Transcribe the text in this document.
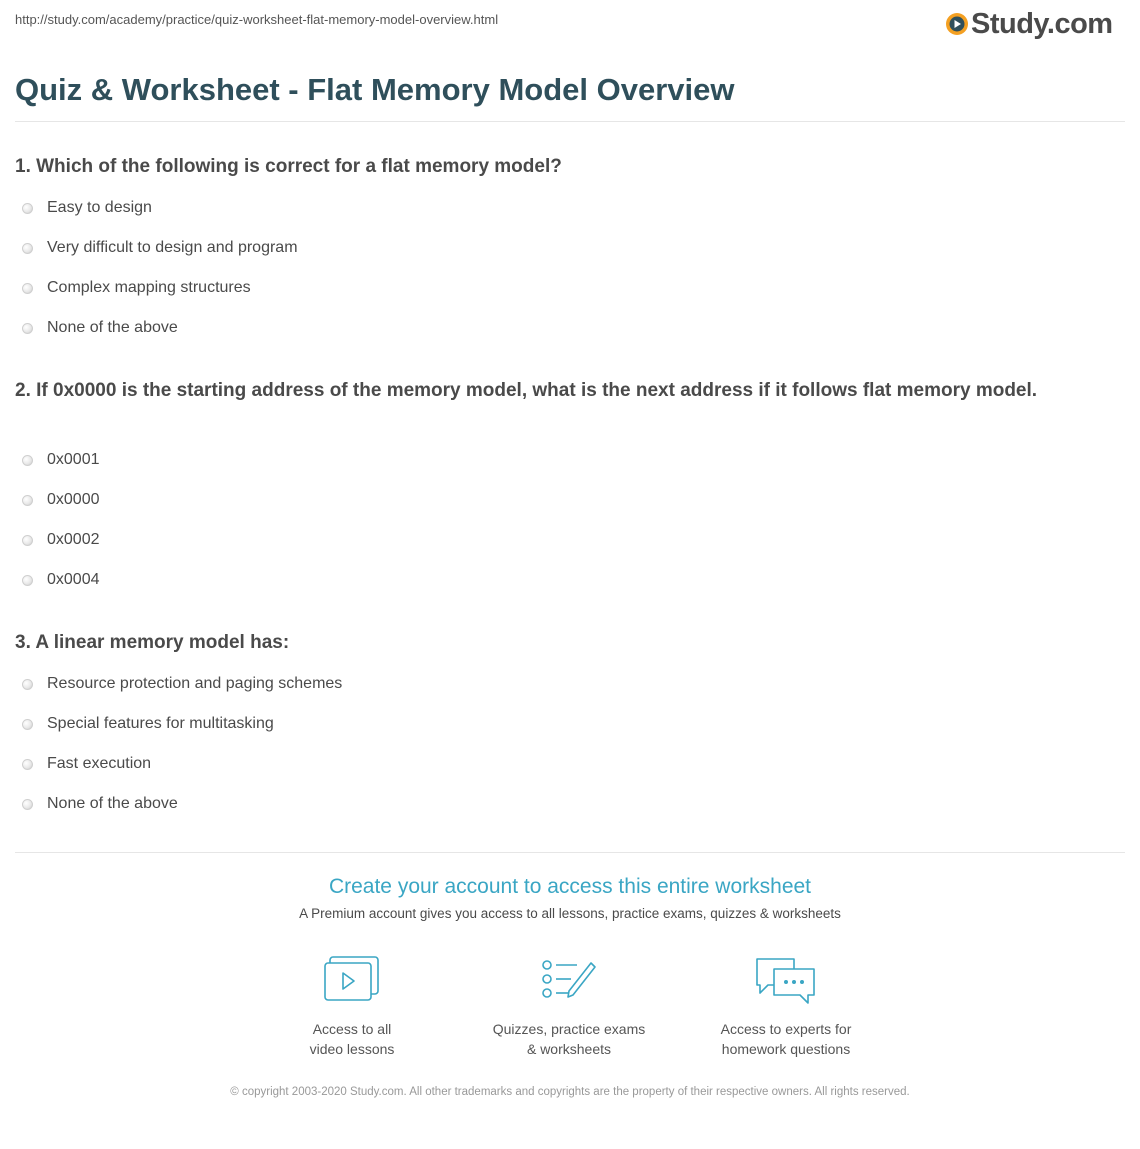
http://study.com/academy/practice/quiz-worksheet-flat-memory-model-overview.html	Study.com
Quiz & Worksheet - Flat Memory Model Overview
1. Which of the following is correct for a flat memory model?
Easy to design
Very difficult to design and program
Complex mapping structures
None of the above
2. If 0x0000 is the starting address of the memory model, what is the next address if it follows flat memory model.
0x0001
0x0000
0x0002
0x0004
3. A linear memory model has:
Resource protection and paging schemes
Special features for multitasking
Fast execution
None of the above
Create your account to access this entire worksheet
A Premium account gives you access to all lessons, practice exams, quizzes & worksheets
Access to all
video lessons
Quizzes, practice exams
& worksheets
Access to experts for
homework questions
© copyright 2003-2020 Study.com. All other trademarks and copyrights are the property of their respective owners. All rights reserved.
